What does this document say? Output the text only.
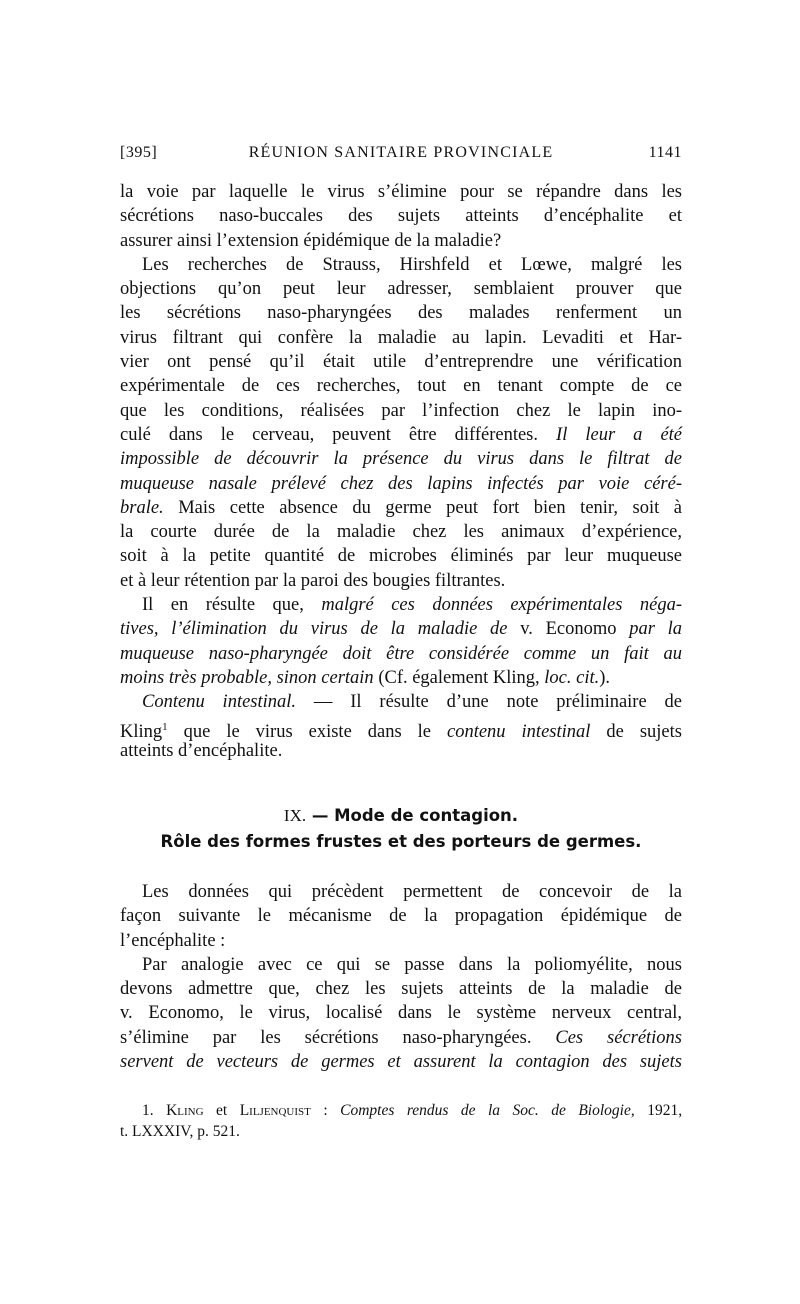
[395]	RÉUNION SANITAIRE PROVINCIALE	1141
la voie par laquelle le virus s’élimine pour se répandre dans les
sécrétions naso-buccales des sujets atteints d’encéphalite et
assurer ainsi l’extension épidémique de la maladie?
Les recherches de Strauss, Hirshfeld et Lœwe, malgré les
objections qu’on peut leur adresser, semblaient prouver que
les sécrétions naso-pharyngées des malades renferment un
virus filtrant qui confère la maladie au lapin. Levaditi et Har-
vier ont pensé qu’il était utile d’entreprendre une vérification
expérimentale de ces recherches, tout en tenant compte de ce
que les conditions, réalisées par l’infection chez le lapin ino-
culé dans le cerveau, peuvent être différentes. Il leur a été
impossible de découvrir la présence du virus dans le filtrat de
muqueuse nasale prélevé chez des lapins infectés par voie céré-
brale. Mais cette absence du germe peut fort bien tenir, soit à
la courte durée de la maladie chez les animaux d’expérience,
soit à la petite quantité de microbes éliminés par leur muqueuse
et à leur rétention par la paroi des bougies filtrantes.
Il en résulte que, malgré ces données expérimentales néga-
tives, l’élimination du virus de la maladie de v. Economo par la
muqueuse naso-pharyngée doit être considérée comme un fait au
moins très probable, sinon certain (Cf. également Kling, loc. cit.).
Contenu intestinal. — Il résulte d’une note préliminaire de
Kling$^1$ que le virus existe dans le contenu intestinal de sujets
atteints d’encéphalite.
IX. — Mode de contagion.
Rôle des formes frustes et des porteurs de germes.
Les données qui précèdent permettent de concevoir de la
façon suivante le mécanisme de la propagation épidémique de
l’encéphalite :
Par analogie avec ce qui se passe dans la poliomyélite, nous
devons admettre que, chez les sujets atteints de la maladie de
v. Economo, le virus, localisé dans le système nerveux central,
s’élimine par les sécrétions naso-pharyngées. Ces sécrétions
servent de vecteurs de germes et assurent la contagion des sujets
1. Kling et Liljenquist : Comptes rendus de la Soc. de Biologie, 1921,
t. LXXXIV, p. 521.
